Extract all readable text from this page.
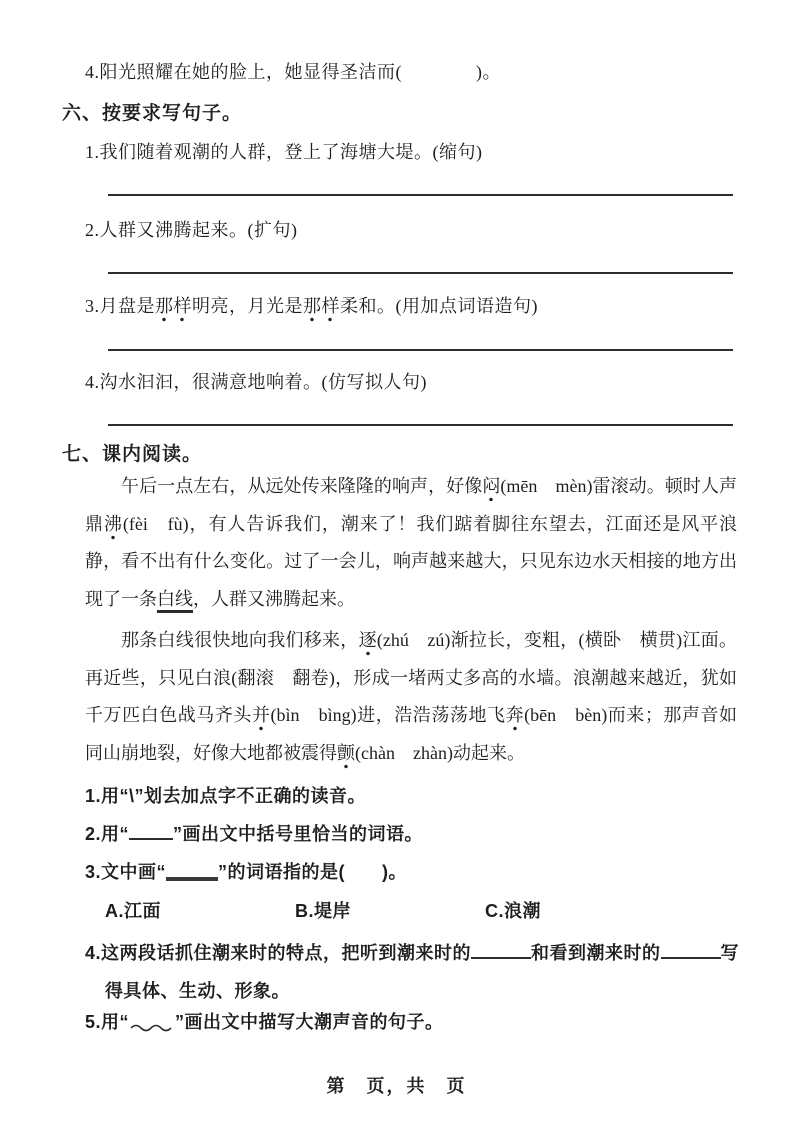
4.阳光照耀在她的脸上，她显得圣洁而(　　　　)。
六、按要求写句子。
1.我们随着观潮的人群，登上了海塘大堤。(缩句)
2.人群又沸腾起来。(扩句)
3.月盘是那样明亮，月光是那样柔和。(用加点词语造句)
4.沟水汩汩，很满意地响着。(仿写拟人句)
七、课内阅读。
午后一点左右，从远处传来隆隆的响声，好像闷(mēn　mèn)雷滚动。顿时人声鼎沸(fèi　fù)，有人告诉我们，潮来了！我们踮着脚往东望去，江面还是风平浪静，看不出有什么变化。过了一会儿，响声越来越大，只见东边水天相接的地方出现了一条白线，人群又沸腾起来。
那条白线很快地向我们移来，逐(zhú　zú)渐拉长，变粗，(横卧　横贯)江面。再近些，只见白浪(翻滚　翻卷)，形成一堵两丈多高的水墙。浪潮越来越近，犹如千万匹白色战马齐头并(bìn　bìng)进，浩浩荡荡地飞奔(bēn　bèn)而来；那声音如同山崩地裂，好像大地都被震得颤(chàn　zhàn)动起来。
1.用“\”划去加点字不正确的读音。
2.用“ ”画出文中括号里恰当的词语。
3.文中画“	”的词语指的是(　　)。
A.江面	B.堤岸	C.浪潮
4.这两段话抓住潮来时的特点，把听到潮来时的	和看到潮来时的	写得具体、生动、形象。
5.用“	”画出文中描写大潮声音的句子。
第　页，共　页
